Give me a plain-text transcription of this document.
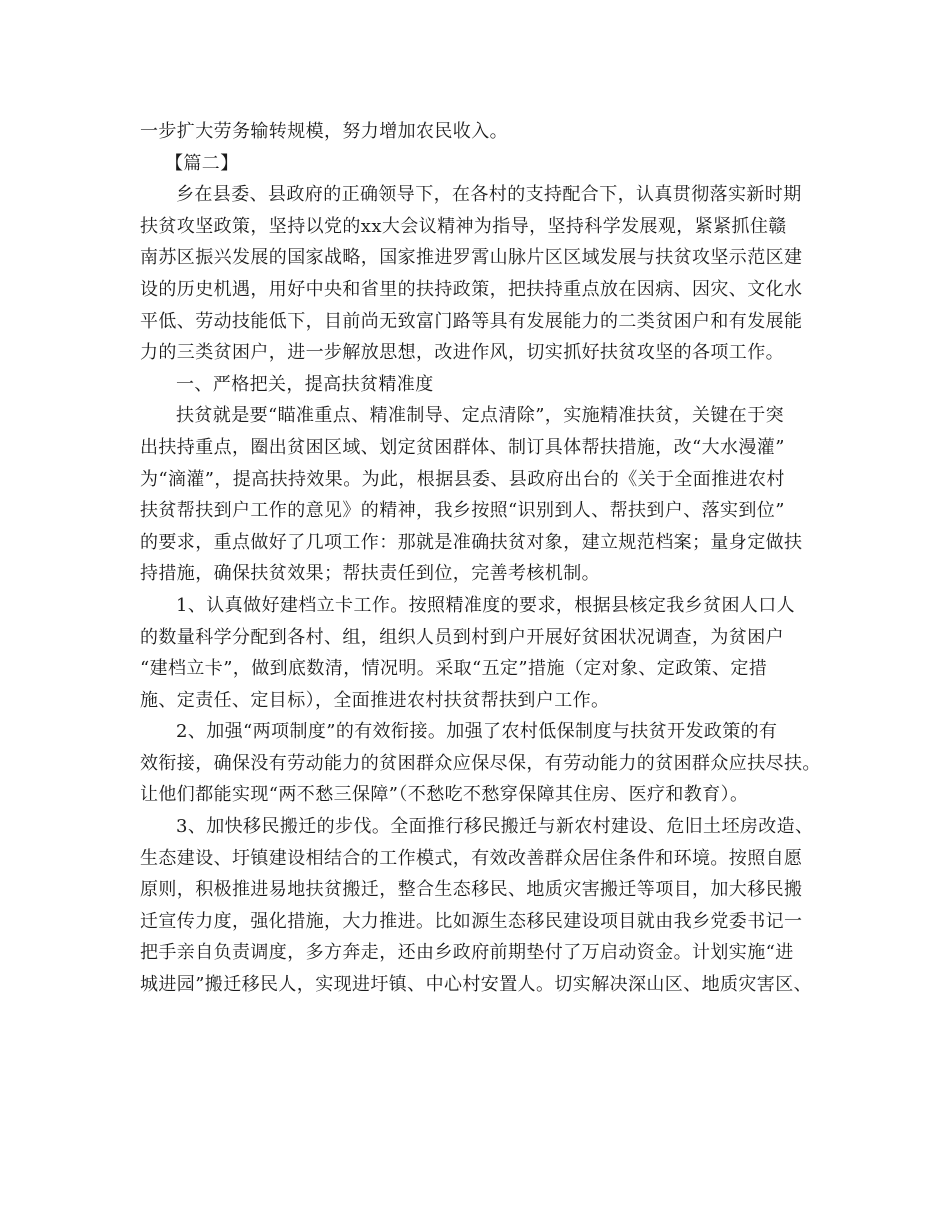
一步扩大劳务输转规模，努力增加农民收入。
【篇二】
乡在县委、县政府的正确领导下，在各村的支持配合下，认真贯彻落实新时期
扶贫攻坚政策，坚持以党的xx大会议精神为指导，坚持科学发展观，紧紧抓住赣
南苏区振兴发展的国家战略，国家推进罗霄山脉片区区域发展与扶贫攻坚示范区建
设的历史机遇，用好中央和省里的扶持政策，把扶持重点放在因病、因灾、文化水
平低、劳动技能低下，目前尚无致富门路等具有发展能力的二类贫困户和有发展能
力的三类贫困户，进一步解放思想，改进作风，切实抓好扶贫攻坚的各项工作。
一、严格把关，提高扶贫精准度
扶贫就是要“瞄准重点、精准制导、定点清除”，实施精准扶贫，关键在于突
出扶持重点，圈出贫困区域、划定贫困群体、制订具体帮扶措施，改“大水漫灌”
为“滴灌”，提高扶持效果。为此，根据县委、县政府出台的《关于全面推进农村
扶贫帮扶到户工作的意见》的精神，我乡按照“识别到人、帮扶到户、落实到位”
的要求，重点做好了几项工作：那就是准确扶贫对象，建立规范档案；量身定做扶
持措施，确保扶贫效果；帮扶责任到位，完善考核机制。
1、认真做好建档立卡工作。按照精准度的要求，根据县核定我乡贫困人口人
的数量科学分配到各村、组，组织人员到村到户开展好贫困状况调查，为贫困户
“建档立卡”，做到底数清，情况明。采取“五定”措施（定对象、定政策、定措
施、定责任、定目标），全面推进农村扶贫帮扶到户工作。
2、加强“两项制度”的有效衔接。加强了农村低保制度与扶贫开发政策的有
效衔接，确保没有劳动能力的贫困群众应保尽保，有劳动能力的贫困群众应扶尽扶。
让他们都能实现“两不愁三保障”（不愁吃不愁穿保障其住房、医疗和教育）。
3、加快移民搬迁的步伐。全面推行移民搬迁与新农村建设、危旧土坯房改造、
生态建设、圩镇建设相结合的工作模式，有效改善群众居住条件和环境。按照自愿
原则，积极推进易地扶贫搬迁，整合生态移民、地质灾害搬迁等项目，加大移民搬
迁宣传力度，强化措施，大力推进。比如源生态移民建设项目就由我乡党委书记一
把手亲自负责调度，多方奔走，还由乡政府前期垫付了万启动资金。计划实施“进
城进园”搬迁移民人，实现进圩镇、中心村安置人。切实解决深山区、地质灾害区、
